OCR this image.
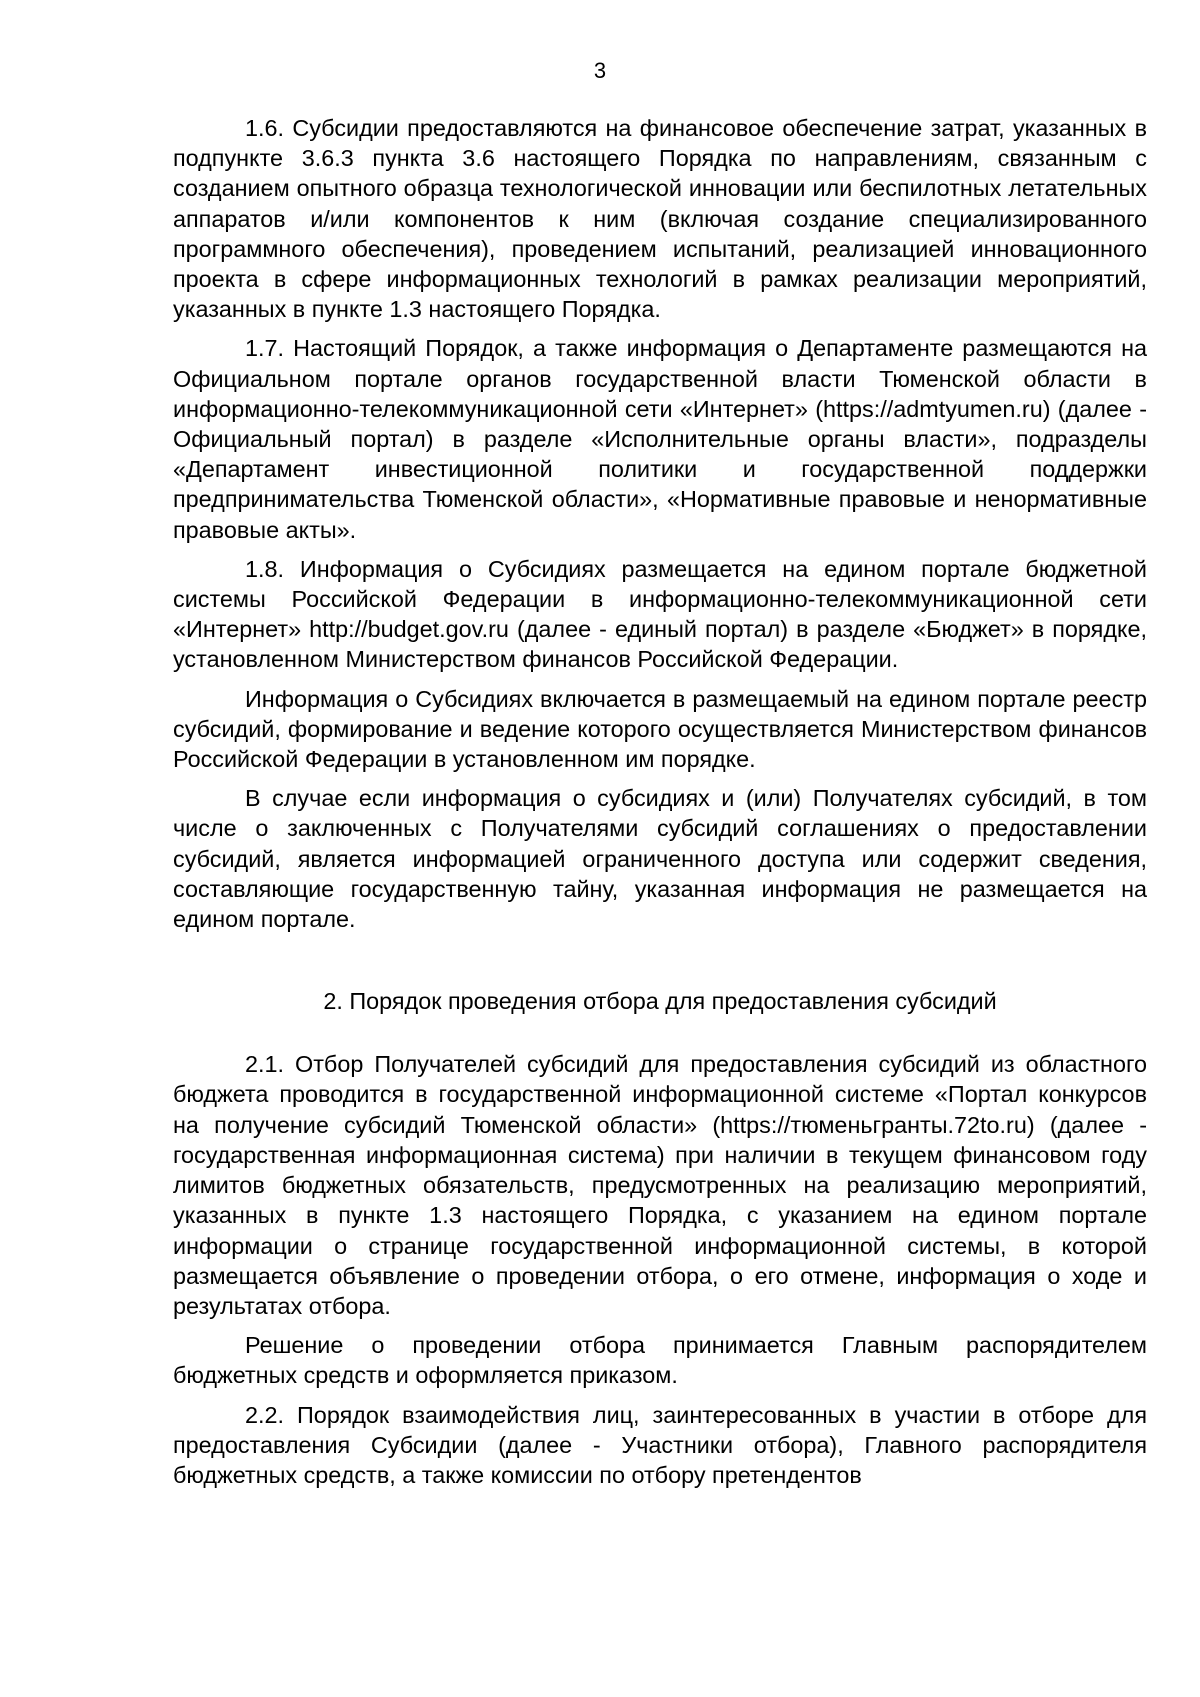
3

1.6. Субсидии предоставляются на финансовое обеспечение затрат, указанных в подпункте 3.6.3 пункта 3.6 настоящего Порядка по направлениям, связанным с созданием опытного образца технологической инновации или беспилотных летательных аппаратов и/или компонентов к ним (включая создание специализированного программного обеспечения), проведением испытаний, реализацией инновационного проекта в сфере информационных технологий в рамках реализации мероприятий, указанных в пункте 1.3 настоящего Порядка.

1.7. Настоящий Порядок, а также информация о Департаменте размещаются на Официальном портале органов государственной власти Тюменской области в информационно-телекоммуникационной сети «Интернет» (https://admtyumen.ru) (далее - Официальный портал) в разделе «Исполнительные органы власти», подразделы «Департамент инвестиционной политики и государственной поддержки предпринимательства Тюменской области», «Нормативные правовые и ненормативные правовые акты».

1.8. Информация о Субсидиях размещается на едином портале бюджетной системы Российской Федерации в информационно-телекоммуникационной сети «Интернет» http://budget.gov.ru (далее - единый портал) в разделе «Бюджет» в порядке, установленном Министерством финансов Российской Федерации.

Информация о Субсидиях включается в размещаемый на едином портале реестр субсидий, формирование и ведение которого осуществляется Министерством финансов Российской Федерации в установленном им порядке.

В случае если информация о субсидиях и (или) Получателях субсидий, в том числе о заключенных с Получателями субсидий соглашениях о предоставлении субсидий, является информацией ограниченного доступа или содержит сведения, составляющие государственную тайну, указанная информация не размещается на едином портале.

2. Порядок проведения отбора для предоставления субсидий

2.1. Отбор Получателей субсидий для предоставления субсидий из областного бюджета проводится в государственной информационной системе «Портал конкурсов на получение субсидий Тюменской области» (https://тюменьгранты.72to.ru) (далее - государственная информационная система) при наличии в текущем финансовом году лимитов бюджетных обязательств, предусмотренных на реализацию мероприятий, указанных в пункте 1.3 настоящего Порядка, с указанием на едином портале информации о странице государственной информационной системы, в которой размещается объявление о проведении отбора, о его отмене, информация о ходе и результатах отбора.

Решение о проведении отбора принимается Главным распорядителем бюджетных средств и оформляется приказом.

2.2. Порядок взаимодействия лиц, заинтересованных в участии в отборе для предоставления Субсидии (далее - Участники отбора), Главного распорядителя бюджетных средств, а также комиссии по отбору претендентов
